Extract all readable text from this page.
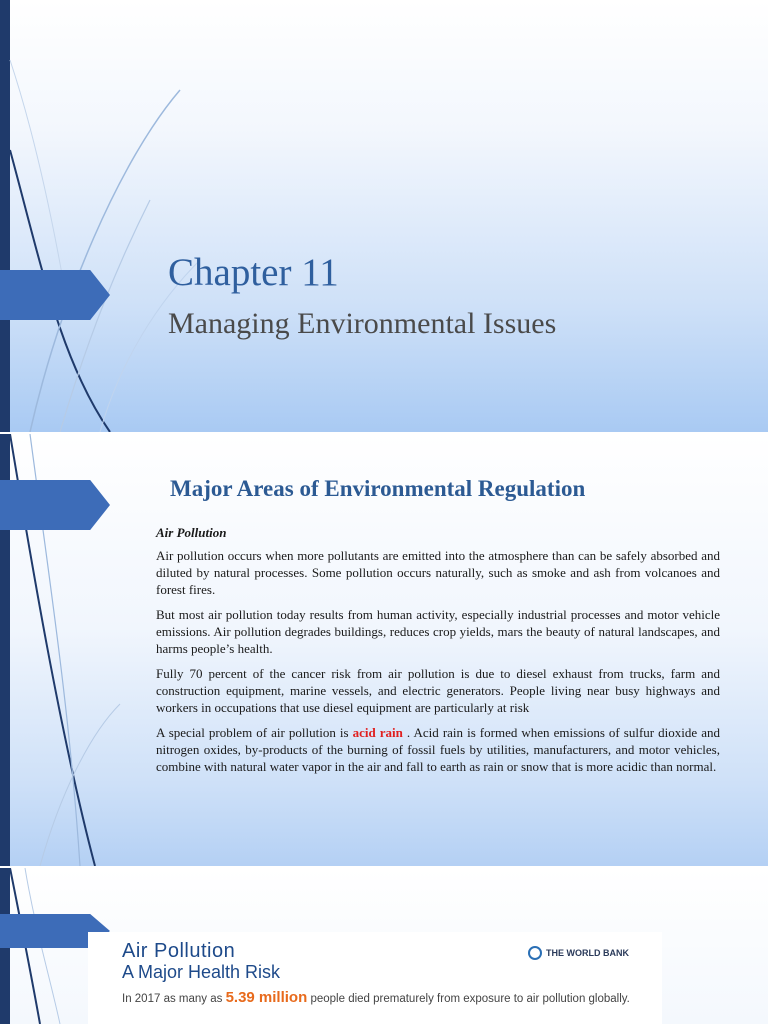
Chapter 11
Managing Environmental Issues
Major Areas of Environmental Regulation
Air Pollution
Air pollution occurs when more pollutants are emitted into the atmosphere than can be safely absorbed and diluted by natural processes. Some pollution occurs naturally, such as smoke and ash from volcanoes and forest fires.
But most air pollution today results from human activity, especially industrial processes and motor vehicle emissions. Air pollution degrades buildings, reduces crop yields, mars the beauty of natural landscapes, and harms people’s health.
Fully 70 percent of the cancer risk from air pollution is due to diesel exhaust from trucks, farm and construction equipment, marine vessels, and electric generators. People living near busy highways and workers in occupations that use diesel equipment are particularly at risk
A special problem of air pollution is acid rain . Acid rain is formed when emissions of sulfur dioxide and nitrogen oxides, by-products of the burning of fossil fuels by utilities, manufacturers, and motor vehicles, combine with natural water vapor in the air and fall to earth as rain or snow that is more acidic than normal.
Air Pollution
A Major Health Risk
THE WORLD BANK

In 2017 as many as 5.39 million people died prematurely from exposure to air pollution globally.
